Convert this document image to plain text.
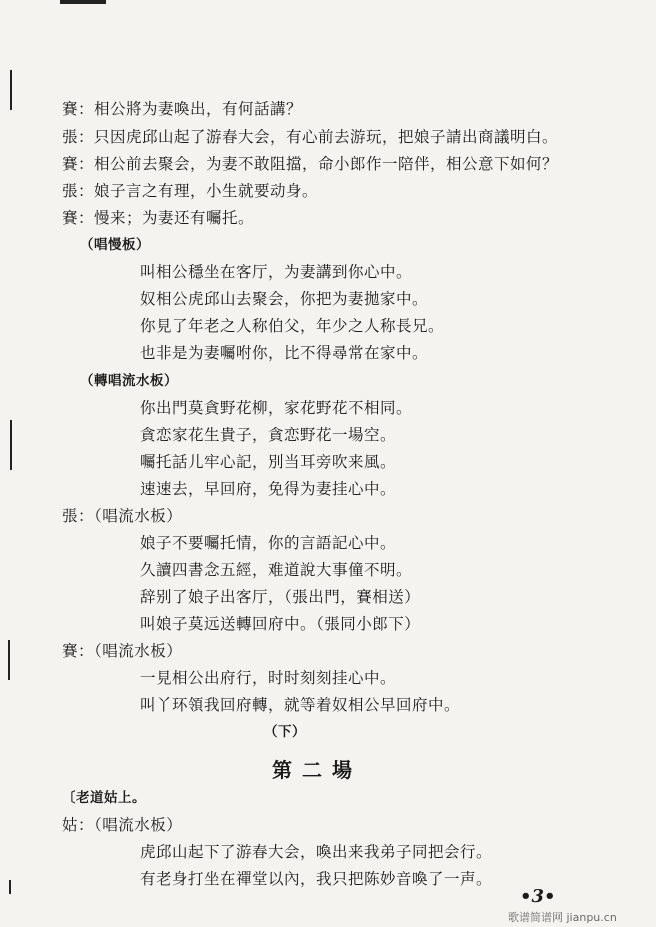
賽：相公將为妻喚出，有何話講？
張：只因虎邱山起了游春大会，有心前去游玩，把娘子請出商議明白。
賽：相公前去聚会，为妻不敢阻擋，命小郎作一陪伴，相公意下如何？
張：娘子言之有理，小生就要动身。
賽：慢来；为妻还有囑托。
（唱慢板）
叫相公穩坐在客厅，为妻講到你心中。
奴相公虎邱山去聚会，你把为妻拋家中。
你見了年老之人称伯父，年少之人称長兄。
也非是为妻囑咐你，比不得尋常在家中。
（轉唱流水板）
你出門莫貪野花柳，家花野花不相同。
貪恋家花生貴子，貪恋野花一場空。
囑托話儿牢心記，別当耳旁吹来風。
速速去，早回府，免得为妻挂心中。
張：（唱流水板）
娘子不要囑托情，你的言語記心中。
久讀四書念五經，难道說大事僮不明。
辞别了娘子出客厅，（張出門，賽相送）
叫娘子莫远送轉回府中。（張同小郎下）
賽：（唱流水板）
一見相公出府行，时时刻刻挂心中。
叫丫环領我回府轉，就等着奴相公早回府中。
（下）
第二場
〔老道姑上。
姑：（唱流水板）
虎邱山起下了游春大会，喚出来我弟子同把会行。
有老身打坐在禪堂以內，我只把陈妙音喚了一声。
•3•
歌谱简谱网 jianpu.cn
